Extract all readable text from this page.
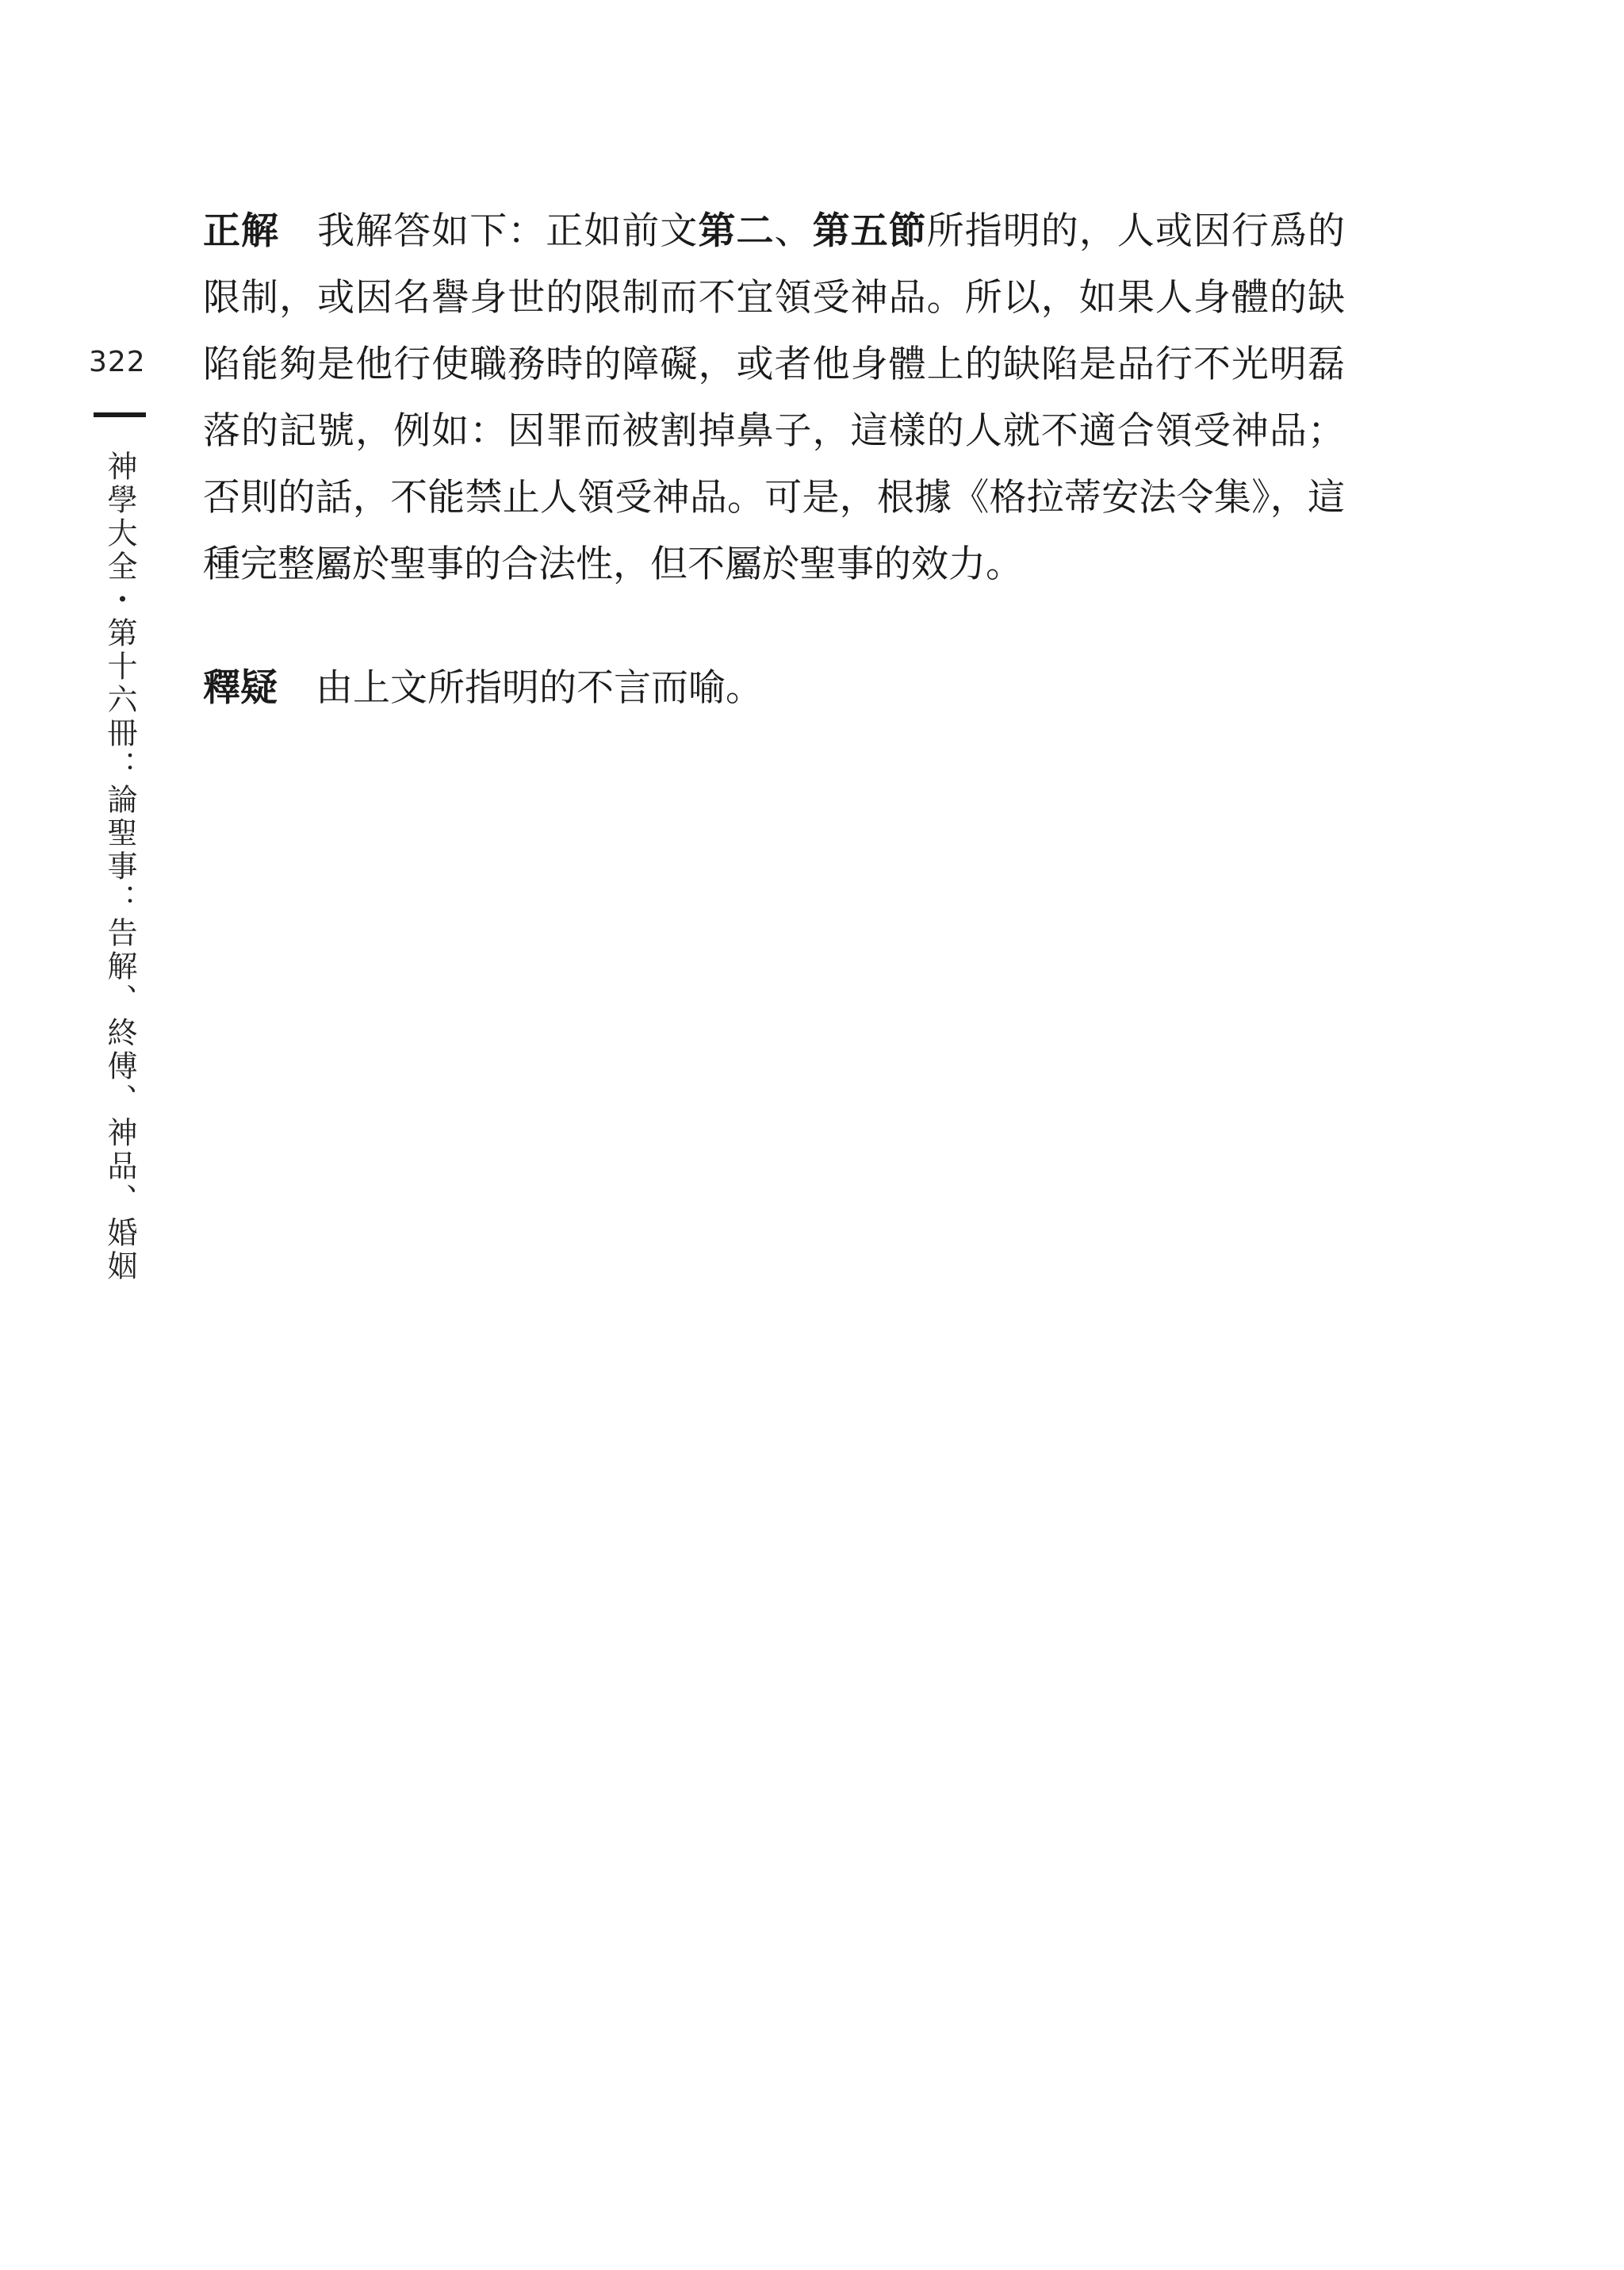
322
神學大全・第十六冊：論聖事：告解、終傅、神品、婚姻

正解 我解答如下：正如前文第二、第五節所指明的，人或因行爲的限制，或因名譽身世的限制而不宜領受神品。所以，如果人身體的缺陷能夠是他行使職務時的障礙，或者他身體上的缺陷是品行不光明磊落的記號，例如：因罪而被割掉鼻子，這樣的人就不適合領受神品；否則的話，不能禁止人領受神品。可是，根據《格拉蒂安法令集》，這種完整屬於聖事的合法性，但不屬於聖事的效力。

釋疑 由上文所指明的不言而喻。
